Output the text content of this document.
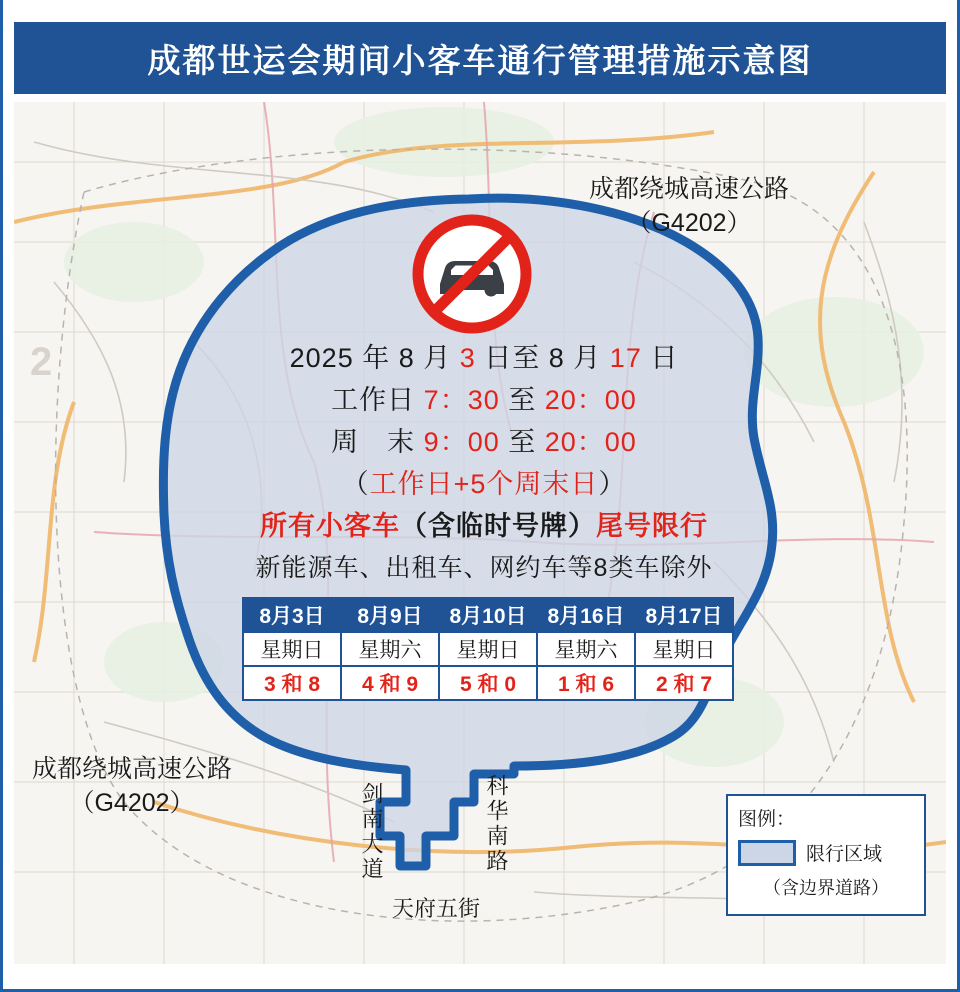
成都世运会期间小客车通行管理措施示意图
2	2025 年 8 月 3 日至 8 月 17 日
工作日 7：30 至 20：00
周　末 9：00 至 20：00
（工作日+5个周末日）
所有小客车（含临时号牌）尾号限行
新能源车、出租车、网约车等8类车除外
8月3日	8月9日	8月10日	8月16日	8月17日
星期日	星期六	星期日	星期六	星期日
3 和 8	4 和 9	5 和 0	1 和 6	2 和 7
成都绕城高速公路
（G4202）
成都绕城高速公路
（G4202）	剑南大道	科华南路
天府五街
图例：
限行区域
（含边界道路）
